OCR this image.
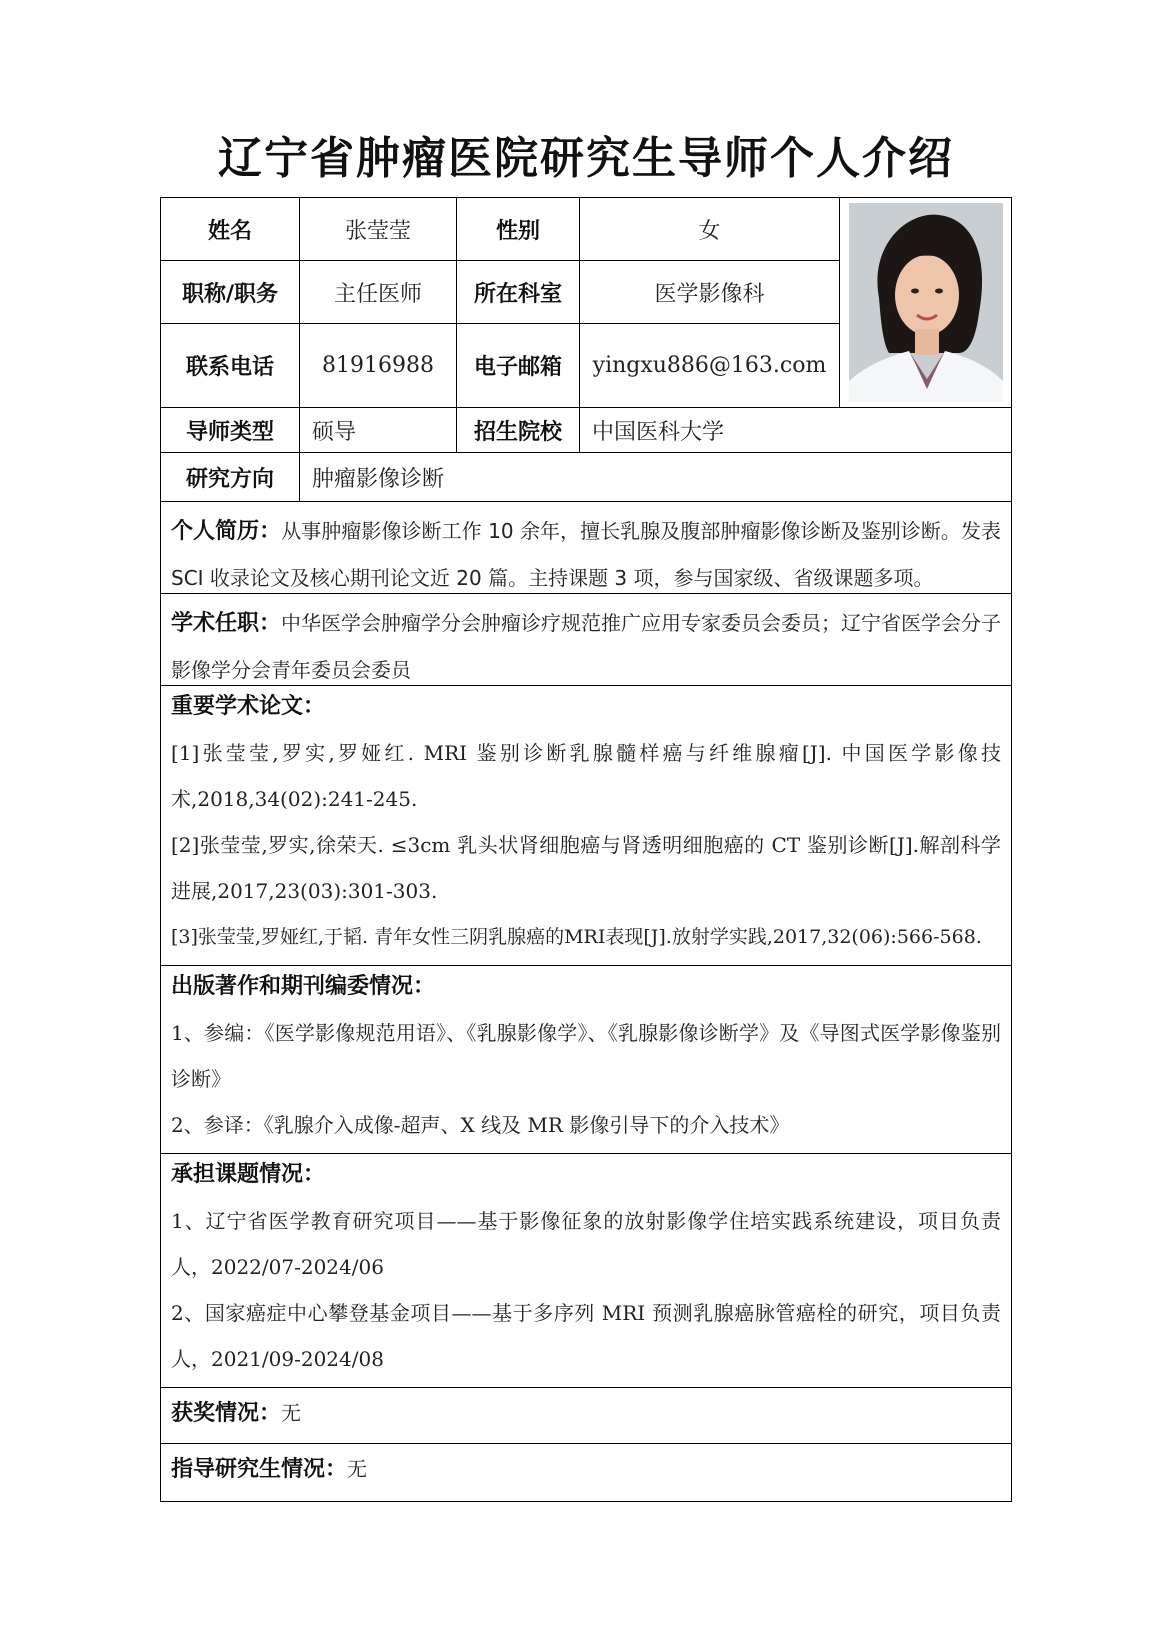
辽宁省肿瘤医院研究生导师个人介绍
姓名	张莹莹	性别	女
职称/职务	主任医师	所在科室	医学影像科
联系电话	81916988	电子邮箱	yingxu886@163.com
导师类型	硕导	招生院校	中国医科大学
研究方向	肿瘤影像诊断

个人简历：从事肿瘤影像诊断工作 10 余年，擅长乳腺及腹部肿瘤影像诊断及鉴别诊断。发表 SCI 收录论文及核心期刊论文近 20 篇。主持课题 3 项，参与国家级、省级课题多项。

学术任职：中华医学会肿瘤学分会肿瘤诊疗规范推广应用专家委员会委员；辽宁省医学会分子影像学分会青年委员会委员

重要学术论文：

[1]张莹莹,罗实,罗娅红. MRI 鉴别诊断乳腺髓样癌与纤维腺瘤[J]. 中国医学影像技术,2018,34(02):241-245.

[2]张莹莹,罗实,徐荣天. ≤3cm 乳头状肾细胞癌与肾透明细胞癌的 CT 鉴别诊断[J].解剖科学进展,2017,23(03):301-303.

[3]张莹莹,罗娅红,于韬. 青年女性三阴乳腺癌的MRI表现[J].放射学实践,2017,32(06):566-568.

出版著作和期刊编委情况：

1、参编：《医学影像规范用语》、《乳腺影像学》、《乳腺影像诊断学》及《导图式医学影像鉴别诊断》

2、参译：《乳腺介入成像-超声、X 线及 MR 影像引导下的介入技术》

承担课题情况：

1、辽宁省医学教育研究项目——基于影像征象的放射影像学住培实践系统建设，项目负责人，2022/07-2024/06

2、国家癌症中心攀登基金项目——基于多序列 MRI 预测乳腺癌脉管癌栓的研究，项目负责人，2021/09-2024/08

获奖情况：无

指导研究生情况：无
